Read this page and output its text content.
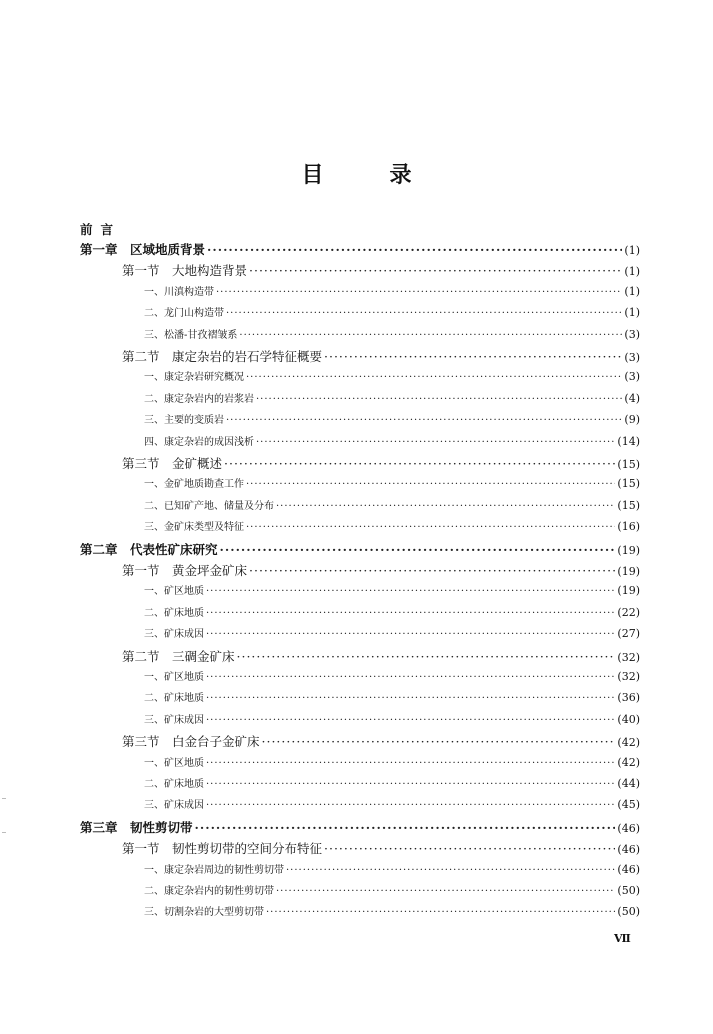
目	录
前言
第一章　区域地质背景 ·····	(1)
第一节　大地构造背景 ·····	(1)
一、川滇构造带 ·····	(1)
二、龙门山构造带 ·····	(1)
三、松潘-甘孜褶皱系 ·····	(3)
第二节　康定杂岩的岩石学特征概要 ·····	(3)
一、康定杂岩研究概况 ·····	(3)
二、康定杂岩内的岩浆岩 ·····	(4)
三、主要的变质岩 ·····	(9)
四、康定杂岩的成因浅析 ·····	(14)
第三节　金矿概述 ·····	(15)
一、金矿地质勘查工作 ·····	(15)
二、已知矿产地、储量及分布 ·····	(15)
三、金矿床类型及特征 ·····	(16)
第二章　代表性矿床研究 ·····	(19)
第一节　黄金坪金矿床 ·····	(19)
一、矿区地质 ·····	(19)
二、矿床地质 ·····	(22)
三、矿床成因 ·····	(27)
第二节　三碉金矿床 ·····	(32)
一、矿区地质 ·····	(32)
二、矿床地质 ·····	(36)
三、矿床成因 ·····	(40)
第三节　白金台子金矿床 ·····	(42)
一、矿区地质 ·····	(42)
二、矿床地质 ·····	(44)
三、矿床成因 ·····	(45)
第三章　韧性剪切带 ·····	(46)
第一节　韧性剪切带的空间分布特征 ·····	(46)
一、康定杂岩周边的韧性剪切带 ·····	(46)
二、康定杂岩内的韧性剪切带 ·····	(50)
三、切割杂岩的大型剪切带 ·····	(50)
Ⅶ
